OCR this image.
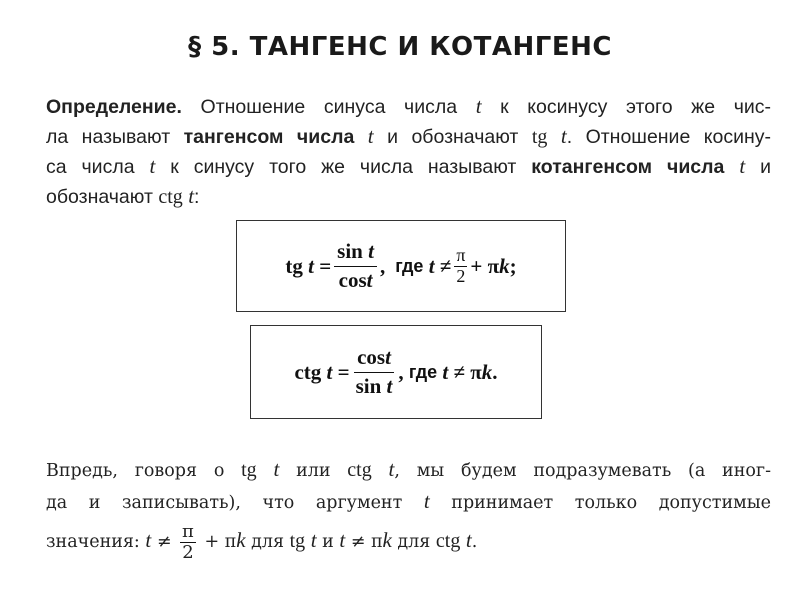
§ 5. ТАНГЕНС И КОТАНГЕНС
Определение. Отношение синуса числа t к косинусу этого же чис-
ла называют тангенсом числа t и обозначают tg t. Отношение косину-
са числа t к синусу того же числа называют котангенсом числа t и
обозначают ctg t:
tg
t
= $\frac{\text{sin t}}{\cos t}$ , где
t
≠ $\frac{\pi}{2} + \pi$ k ;
ctg
t
= $\frac{\cos t}{\text{sin t}}$ ,
где
t
≠ π k .
Впредь, говоря о tg t или ctg t, мы будем подразумевать (а иног-
да и записывать), что аргумент t принимает только допустимые
значения: $t \ne \frac{\pi}{2} + \pi k$ для tg t и t ≠ πk для ctg t.
